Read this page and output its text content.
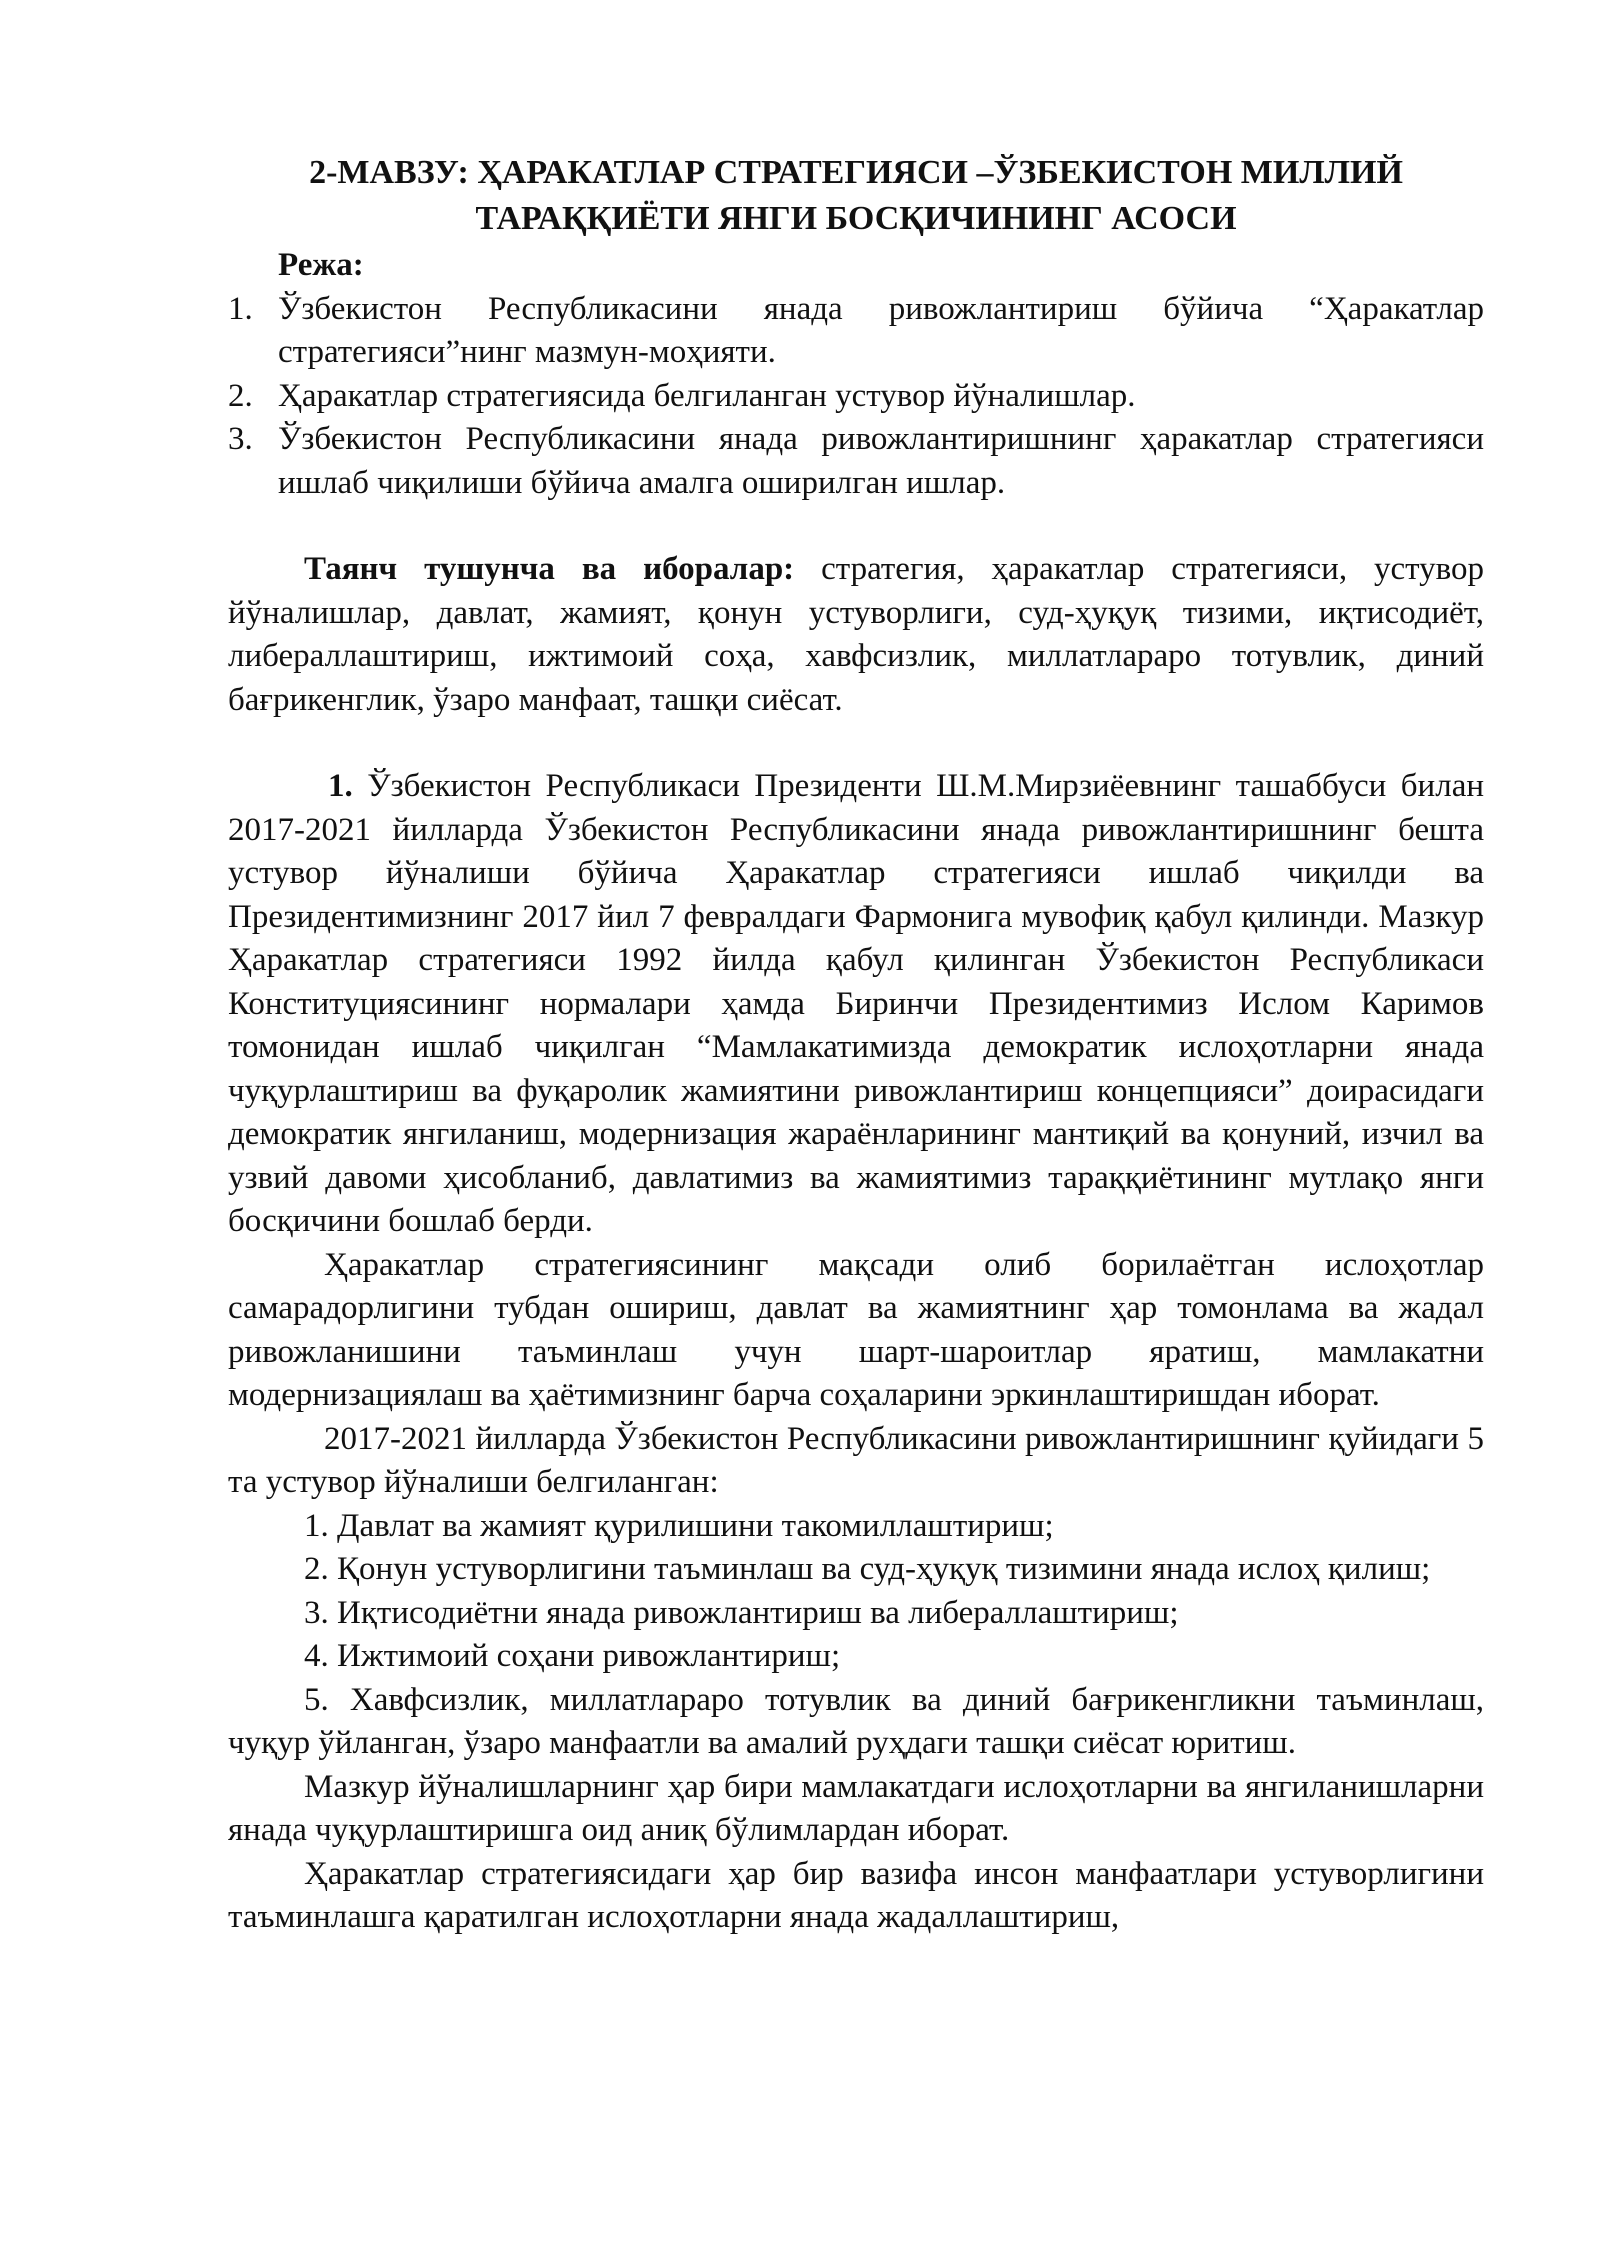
2-МАВЗУ: ҲАРАКАТЛАР СТРАТЕГИЯСИ –ЎЗБЕКИСТОН МИЛЛИЙ ТАРАҚҚИЁТИ ЯНГИ БОСҚИЧИНИНГ АСОСИ
Режа:
1. Ўзбекистон Республикасини янада ривожлантириш бўйича “Ҳаракатлар стратегияси”нинг мазмун-моҳияти.
2. Ҳаракатлар стратегиясида белгиланган устувор йўналишлар.
3. Ўзбекистон Республикасини янада ривожлантиришнинг ҳаракатлар стратегияси ишлаб чиқилиши бўйича амалга оширилган ишлар.

Таянч тушунча ва иборалар: стратегия, ҳаракатлар стратегияси, устувор йўналишлар, давлат, жамият, қонун устуворлиги, суд-ҳуқуқ тизими, иқтисодиёт, либераллаштириш, ижтимоий соҳа, хавфсизлик, миллатлараро тотувлик, диний бағрикенглик, ўзаро манфаат, ташқи сиёсат.

1. Ўзбекистон Республикаси Президенти Ш.М.Мирзиёевнинг ташаббуси билан 2017-2021 йилларда Ўзбекистон Республикасини янада ривожлантиришнинг бешта устувор йўналиши бўйича Ҳаракатлар стратегияси ишлаб чиқилди ва Президентимизнинг 2017 йил 7 февралдаги Фармонига мувофиқ қабул қилинди. Мазкур Ҳаракатлар стратегияси 1992 йилда қабул қилинган Ўзбекистон Республикаси Конституциясининг нормалари ҳамда Биринчи Президентимиз Ислом Каримов томонидан ишлаб чиқилган “Мамлакатимизда демократик ислоҳотларни янада чуқурлаштириш ва фуқаролик жамиятини ривожлантириш концепцияси” доирасидаги демократик янгиланиш, модернизация жараёнларининг мантиқий ва қонуний, изчил ва узвий давоми ҳисобланиб, давлатимиз ва жамиятимиз тараққиётининг мутлақо янги босқичини бошлаб берди.

Ҳаракатлар стратегиясининг мақсади олиб борилаётган ислоҳотлар самарадорлигини тубдан ошириш, давлат ва жамиятнинг ҳар томонлама ва жадал ривожланишини таъминлаш учун шарт-шароитлар яратиш, мамлакатни модернизациялаш ва ҳаётимизнинг барча соҳаларини эркинлаштиришдан иборат.

2017-2021 йилларда Ўзбекистон Республикасини ривожлантиришнинг қуйидаги 5 та устувор йўналиши белгиланган:

1. Давлат ва жамият қурилишини такомиллаштириш;

2. Қонун устуворлигини таъминлаш ва суд-ҳуқуқ тизимини янада ислоҳ қилиш;

3. Иқтисодиётни янада ривожлантириш ва либераллаштириш;

4. Ижтимоий соҳани ривожлантириш;

5. Хавфсизлик, миллатлараро тотувлик ва диний бағрикенгликни таъминлаш, чуқур ўйланган, ўзаро манфаатли ва амалий руҳдаги ташқи сиёсат юритиш.

Мазкур йўналишларнинг ҳар бири мамлакатдаги ислоҳотларни ва янгиланишларни янада чуқурлаштиришга оид аниқ бўлимлардан иборат.

Ҳаракатлар стратегиясидаги ҳар бир вазифа инсон манфаатлари устуворлигини таъминлашга қаратилган ислоҳотларни янада жадаллаштириш,
